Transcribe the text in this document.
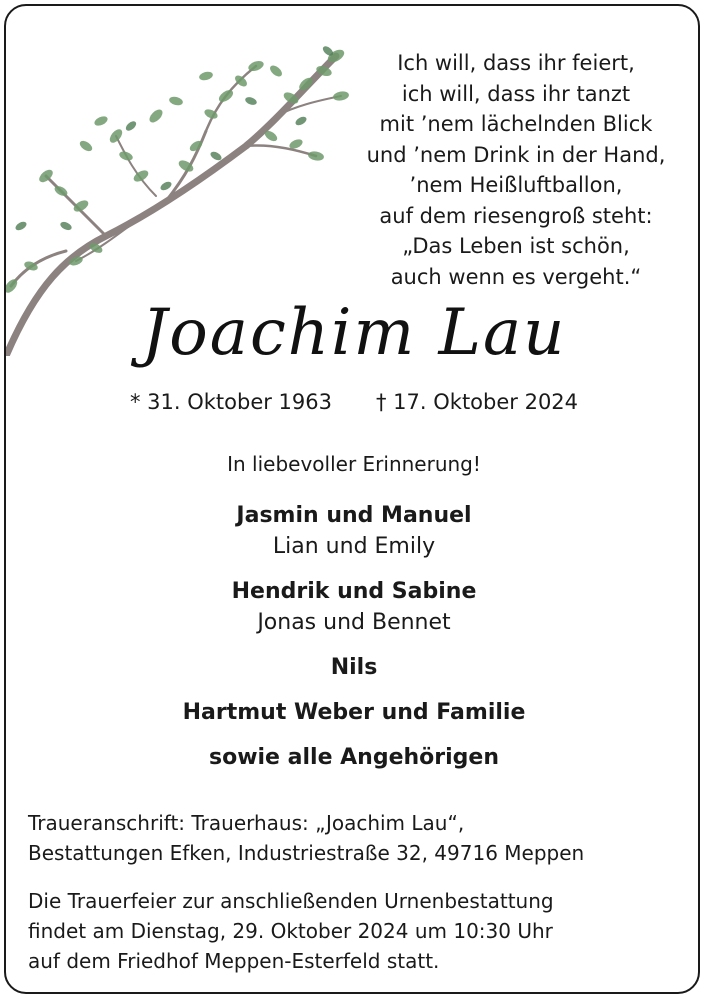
Ich will, dass ihr feiert,
ich will, dass ihr tanzt
mit ’nem lächelnden Blick
und ’nem Drink in der Hand,
’nem Heißluftballon,
auf dem riesengroß steht:
„Das Leben ist schön,
auch wenn es vergeht.“
Joachim Lau
* 31. Oktober 1963 † 17. Oktober 2024
In liebevoller Erinnerung!
Jasmin und Manuel
Lian und Emily
Hendrik und Sabine
Jonas und Bennet
Nils
Hartmut Weber und Familie
sowie alle Angehörigen
Traueranschrift: Trauerhaus: „Joachim Lau“,
Bestattungen Efken, Industriestraße 32, 49716 Meppen
Die Trauerfeier zur anschließenden Urnenbestattung
findet am Dienstag, 29. Oktober 2024 um 10:30 Uhr
auf dem Friedhof Meppen-Esterfeld statt.
